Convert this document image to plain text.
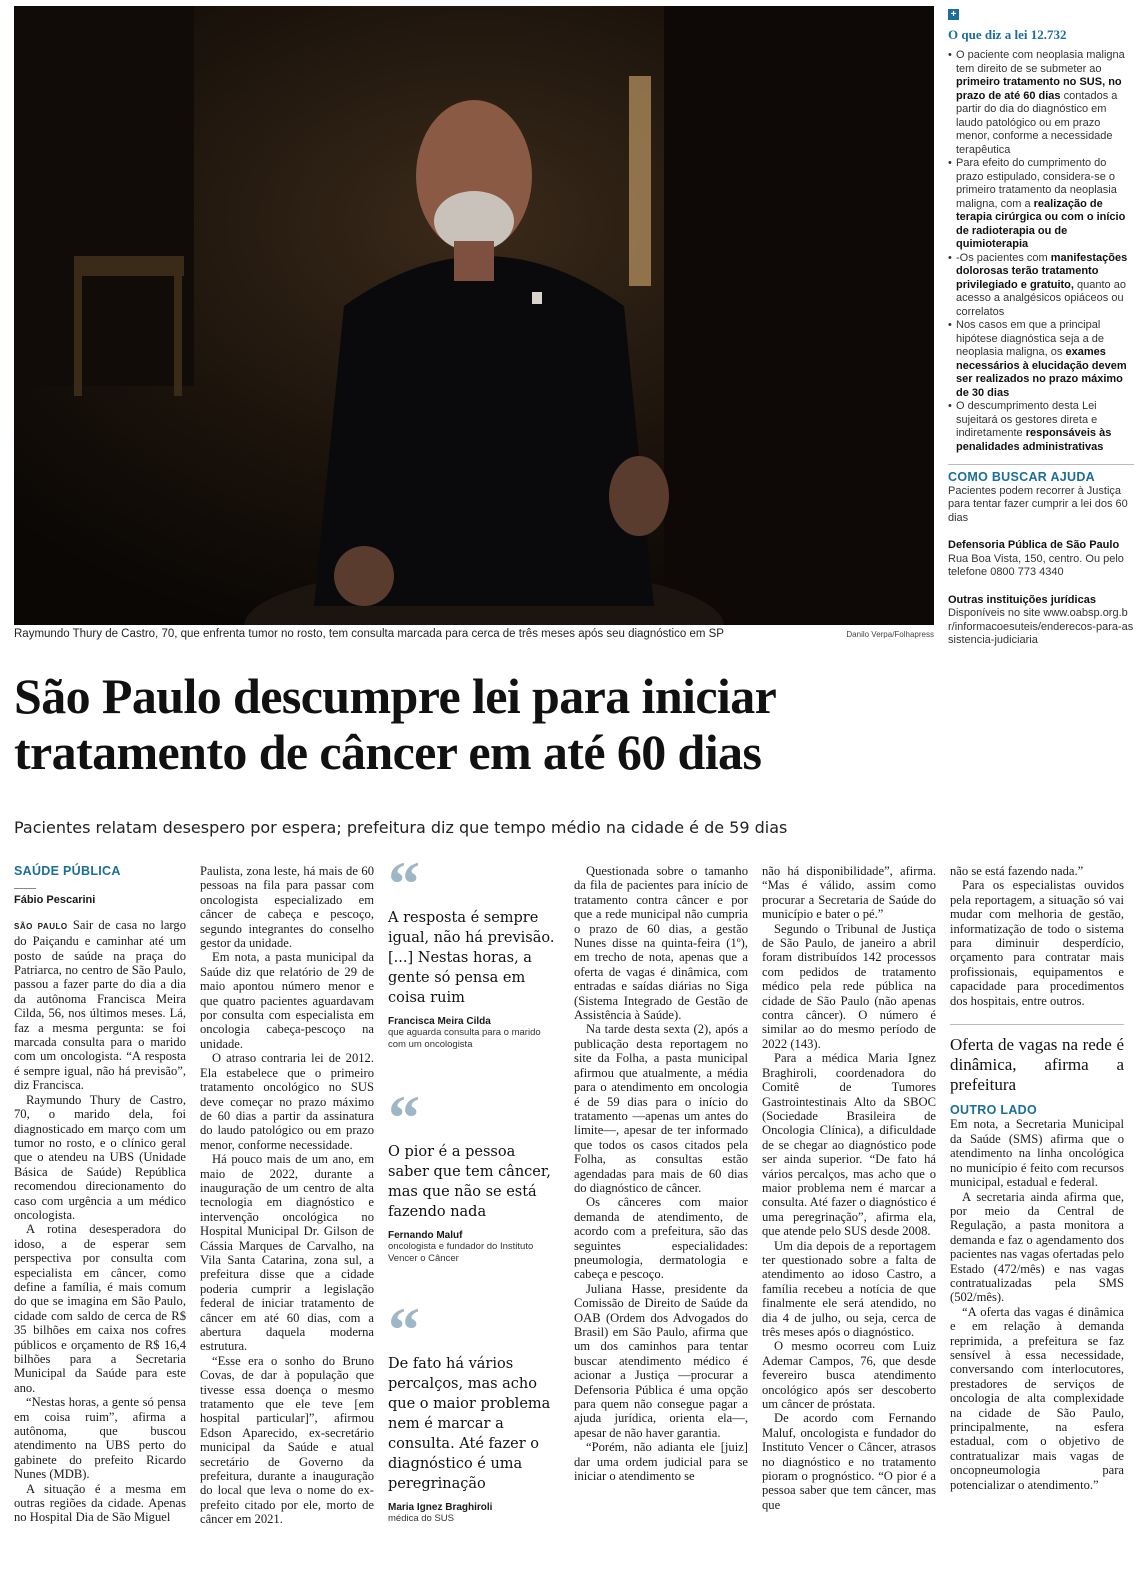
Raymundo Thury de Castro, 70, que enfrenta tumor no rosto, tem consulta marcada para cerca de três meses após seu diagnóstico em SP	Danilo Verpa/Folhapress
São Paulo descumpre lei para iniciar
tratamento de câncer em até 60 dias
Pacientes relatam desespero por espera; prefeitura diz que tempo médio na cidade é de 59 dias
SAÚDE PÚBLICA
Fábio Pescarini

SÃO PAULO Sair de casa no largo do Paiçandu e caminhar até um posto de saúde na praça do Patriarca, no centro de São Paulo, passou a fazer parte do dia a dia da autônoma Francisca Meira Cilda, 56, nos últimos meses. Lá, faz a mesma pergunta: se foi marcada consulta para o marido com um oncologista. “A resposta é sempre igual, não há previsão”, diz Francisca.

Raymundo Thury de Castro, 70, o marido dela, foi diagnosticado em março com um tumor no rosto, e o clínico geral que o atendeu na UBS (Unidade Básica de Saúde) República recomendou direcionamento do caso com urgência a um médico oncologista.

A rotina desesperadora do idoso, a de esperar sem perspectiva por consulta com especialista em câncer, como define a família, é mais comum do que se imagina em São Paulo, cidade com saldo de cerca de R$ 35 bilhões em caixa nos cofres públicos e orçamento de R$ 16,4 bilhões para a Secretaria Municipal da Saúde para este ano.

“Nestas horas, a gente só pensa em coisa ruim”, afirma a autônoma, que buscou atendimento na UBS perto do gabinete do prefeito Ricardo Nunes (MDB).

A situação é a mesma em outras regiões da cidade. Apenas no Hospital Dia de São Miguel

Paulista, zona leste, há mais de 60 pessoas na fila para passar com oncologista especializado em câncer de cabeça e pescoço, segundo integrantes do conselho gestor da unidade.

Em nota, a pasta municipal da Saúde diz que relatório de 29 de maio apontou número menor e que quatro pacientes aguardavam por consulta com especialista em oncologia cabeça-pescoço na unidade.

O atraso contraria lei de 2012. Ela estabelece que o primeiro tratamento oncológico no SUS deve começar no prazo máximo de 60 dias a partir da assinatura do laudo patológico ou em prazo menor, conforme necessidade.

Há pouco mais de um ano, em maio de 2022, durante a inauguração de um centro de alta tecnologia em diagnóstico e intervenção oncológica no Hospital Municipal Dr. Gilson de Cássia Marques de Carvalho, na Vila Santa Catarina, zona sul, a prefeitura disse que a cidade poderia cumprir a legislação federal de iniciar tratamento de câncer em até 60 dias, com a abertura daquela moderna estrutura.

“Esse era o sonho do Bruno Covas, de dar à população que tivesse essa doença o mesmo tratamento que ele teve [em hospital particular]”, afirmou Edson Aparecido, ex-secretário municipal da Saúde e atual secretário de Governo da prefeitura, durante a inauguração do local que leva o nome do ex-prefeito citado por ele, morto de câncer em 2021.

“
A resposta é sempre igual, não há previsão. [...] Nestas horas, a gente só pensa em coisa ruim
Francisca Meira Cilda
que aguarda consulta para o marido com um oncologista
“
O pior é a pessoa saber que tem câncer, mas que não se está fazendo nada
Fernando Maluf
oncologista e fundador do Instituto Vencer o Câncer
“
De fato há vários percalços, mas acho que o maior problema nem é marcar a consulta. Até fazer o diagnóstico é uma peregrinação
Maria Ignez Braghiroli
médica do SUS

Questionada sobre o tamanho da fila de pacientes para início de tratamento contra câncer e por que a rede municipal não cumpria o prazo de 60 dias, a gestão Nunes disse na quinta-feira (1º), em trecho de nota, apenas que a oferta de vagas é dinâmica, com entradas e saídas diárias no Siga (Sistema Integrado de Gestão de Assistência à Saúde).

Na tarde desta sexta (2), após a publicação desta reportagem no site da Folha, a pasta municipal afirmou que atualmente, a média para o atendimento em oncologia é de 59 dias para o início do tratamento —apenas um antes do limite—, apesar de ter informado que todos os casos citados pela Folha, as consultas estão agendadas para mais de 60 dias do diagnóstico de câncer.

Os cânceres com maior demanda de atendimento, de acordo com a prefeitura, são das seguintes especialidades: pneumologia, dermatologia e cabeça e pescoço.

Juliana Hasse, presidente da Comissão de Direito de Saúde da OAB (Ordem dos Advogados do Brasil) em São Paulo, afirma que um dos caminhos para tentar buscar atendimento médico é acionar a Justiça —procurar a Defensoria Pública é uma opção para quem não consegue pagar a ajuda jurídica, orienta ela—, apesar de não haver garantia.

“Porém, não adianta ele [juiz] dar uma ordem judicial para se iniciar o atendimento se

não há disponibilidade”, afirma. “Mas é válido, assim como procurar a Secretaria de Saúde do município e bater o pé.”

Segundo o Tribunal de Justiça de São Paulo, de janeiro a abril foram distribuídos 142 processos com pedidos de tratamento médico pela rede pública na cidade de São Paulo (não apenas contra câncer). O número é similar ao do mesmo período de 2022 (143).

Para a médica Maria Ignez Braghiroli, coordenadora do Comitê de Tumores Gastrointestinais Alto da SBOC (Sociedade Brasileira de Oncologia Clínica), a dificuldade de se chegar ao diagnóstico pode ser ainda superior. “De fato há vários percalços, mas acho que o maior problema nem é marcar a consulta. Até fazer o diagnóstico é uma peregrinação”, afirma ela, que atende pelo SUS desde 2008.

Um dia depois de a reportagem ter questionado sobre a falta de atendimento ao idoso Castro, a família recebeu a notícia de que finalmente ele será atendido, no dia 4 de julho, ou seja, cerca de três meses após o diagnóstico.

O mesmo ocorreu com Luiz Ademar Campos, 76, que desde fevereiro busca atendimento oncológico após ser descoberto um câncer de próstata.

De acordo com Fernando Maluf, oncologista e fundador do Instituto Vencer o Câncer, atrasos no diagnóstico e no tratamento pioram o prognóstico. “O pior é a pessoa saber que tem câncer, mas que

não se está fazendo nada.”

Para os especialistas ouvidos pela reportagem, a situação só vai mudar com melhoria de gestão, informatização de todo o sistema para diminuir desperdício, orçamento para contratar mais profissionais, equipamentos e capacidade para procedimentos dos hospitais, entre outros.

Oferta de vagas na rede é dinâmica, afirma a prefeitura
OUTRO LADO

Em nota, a Secretaria Municipal da Saúde (SMS) afirma que o atendimento na linha oncológica no município é feito com recursos municipal, estadual e federal.

A secretaria ainda afirma que, por meio da Central de Regulação, a pasta monitora a demanda e faz o agendamento dos pacientes nas vagas ofertadas pelo Estado (472/mês) e nas vagas contratualizadas pela SMS (502/mês).

“A oferta das vagas é dinâmica e em relação à demanda reprimida, a prefeitura se faz sensível à essa necessidade, conversando com interlocutores, prestadores de serviços de oncologia de alta complexidade na cidade de São Paulo, principalmente, na esfera estadual, com o objetivo de contratualizar mais vagas de oncopneumologia para potencializar o atendimento.”

+
O que diz a lei 12.732
• O paciente com neoplasia maligna tem direito de se submeter ao primeiro tratamento no SUS, no prazo de até 60 dias contados a partir do dia do diagnóstico em laudo patológico ou em prazo menor, conforme a necessidade terapêutica
• Para efeito do cumprimento do prazo estipulado, considera-se o primeiro tratamento da neoplasia maligna, com a realização de terapia cirúrgica ou com o início de radioterapia ou de quimioterapia
• -Os pacientes com manifestações dolorosas terão tratamento privilegiado e gratuito, quanto ao acesso a analgésicos opiáceos ou correlatos
• Nos casos em que a principal hipótese diagnóstica seja a de neoplasia maligna, os exames necessários à elucidação devem ser realizados no prazo máximo de 30 dias
• O descumprimento desta Lei sujeitará os gestores direta e indiretamente responsáveis às penalidades administrativas
COMO BUSCAR AJUDA
Pacientes podem recorrer à Justiça para tentar fazer cumprir a lei dos 60 dias
Defensoria Pública de São Paulo
Rua Boa Vista, 150, centro. Ou pelo telefone 0800 773 4340
Outras instituições jurídicas
Disponíveis no site www.oabsp.org.br/informacoesuteis/enderecos-para-assistencia-judiciaria
